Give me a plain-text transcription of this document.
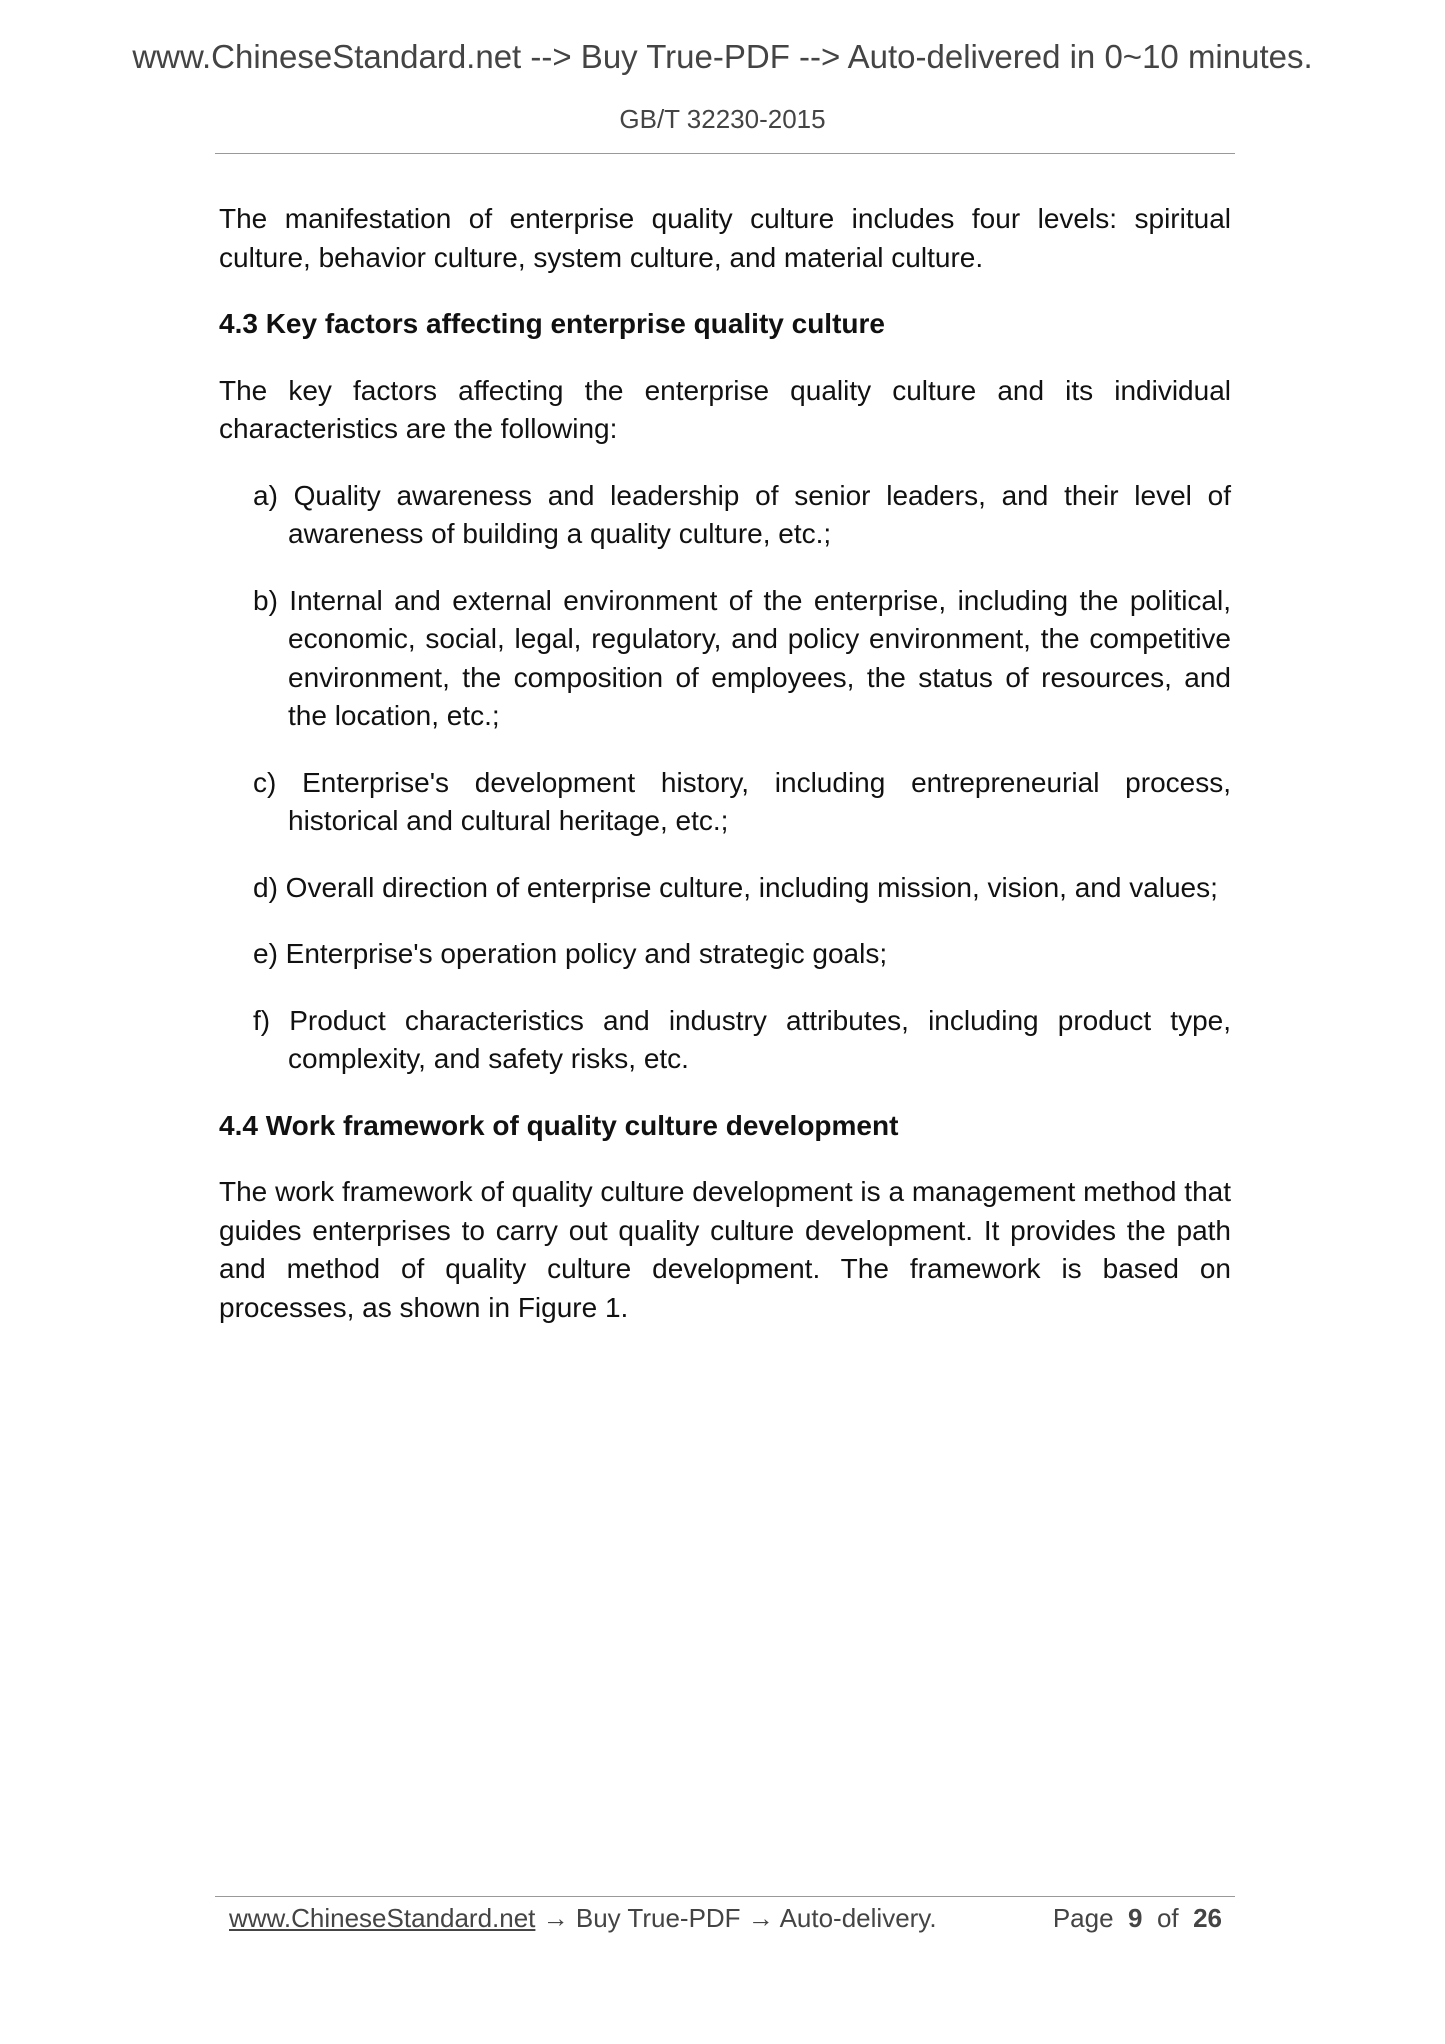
www.ChineseStandard.net --> Buy True-PDF --> Auto-delivered in 0~10 minutes.
GB/T 32230-2015

The manifestation of enterprise quality culture includes four levels: spiritual culture, behavior culture, system culture, and material culture.

4.3 Key factors affecting enterprise quality culture

The key factors affecting the enterprise quality culture and its individual characteristics are the following:

a) Quality awareness and leadership of senior leaders, and their level of awareness of building a quality culture, etc.;
b) Internal and external environment of the enterprise, including the political, economic, social, legal, regulatory, and policy environment, the competitive environment, the composition of employees, the status of resources, and the location, etc.;
c) Enterprise's development history, including entrepreneurial process, historical and cultural heritage, etc.;
d) Overall direction of enterprise culture, including mission, vision, and values;
e) Enterprise's operation policy and strategic goals;
f) Product characteristics and industry attributes, including product type, complexity, and safety risks, etc.
4.4 Work framework of quality culture development

The work framework of quality culture development is a management method that guides enterprises to carry out quality culture development. It provides the path and method of quality culture development. The framework is based on processes, as shown in Figure 1.

www.ChineseStandard.net → Buy True-PDF → Auto-delivery.	Page 9 of 26
